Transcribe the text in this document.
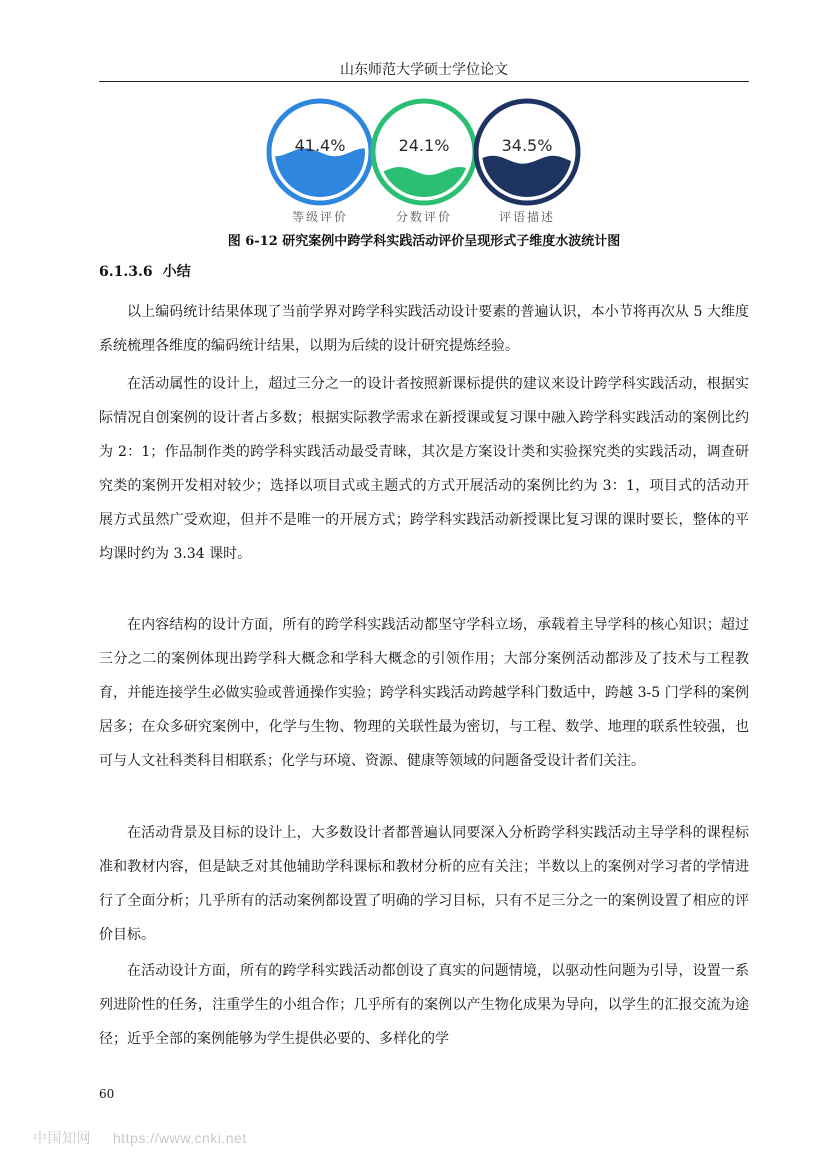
山东师范大学硕士学位论文
41.4%
等级评价
24.1%
分数评价
34.5%
评语描述
图 6-12 研究案例中跨学科实践活动评价呈现形式子维度水波统计图
6.1.3.6 小结

以上编码统计结果体现了当前学界对跨学科实践活动设计要素的普遍认识，本小节将再次从 5 大维度系统梳理各维度的编码统计结果，以期为后续的设计研究提炼经验。

在活动属性的设计上，超过三分之一的设计者按照新课标提供的建议来设计跨学科实践活动，根据实际情况自创案例的设计者占多数；根据实际教学需求在新授课或复习课中融入跨学科实践活动的案例比约为 2：1；作品制作类的跨学科实践活动最受青睐，其次是方案设计类和实验探究类的实践活动，调查研究类的案例开发相对较少；选择以项目式或主题式的方式开展活动的案例比约为 3：1，项目式的活动开展方式虽然广受欢迎，但并不是唯一的开展方式；跨学科实践活动新授课比复习课的课时要长，整体的平均课时约为 3.34 课时。

在内容结构的设计方面，所有的跨学科实践活动都坚守学科立场，承载着主导学科的核心知识；超过三分之二的案例体现出跨学科大概念和学科大概念的引领作用；大部分案例活动都涉及了技术与工程教育，并能连接学生必做实验或普通操作实验；跨学科实践活动跨越学科门数适中，跨越 3-5 门学科的案例居多；在众多研究案例中，化学与生物、物理的关联性最为密切，与工程、数学、地理的联系性较强，也可与人文社科类科目相联系；化学与环境、资源、健康等领域的问题备受设计者们关注。

在活动背景及目标的设计上，大多数设计者都普遍认同要深入分析跨学科实践活动主导学科的课程标准和教材内容，但是缺乏对其他辅助学科课标和教材分析的应有关注；半数以上的案例对学习者的学情进行了全面分析；几乎所有的活动案例都设置了明确的学习目标，只有不足三分之一的案例设置了相应的评价目标。

在活动设计方面，所有的跨学科实践活动都创设了真实的问题情境，以驱动性问题为引导，设置一系列进阶性的任务，注重学生的小组合作；几乎所有的案例以产生物化成果为导向，以学生的汇报交流为途径；近乎全部的案例能够为学生提供必要的、多样化的学

60
中国知网 https://www.cnki.net
